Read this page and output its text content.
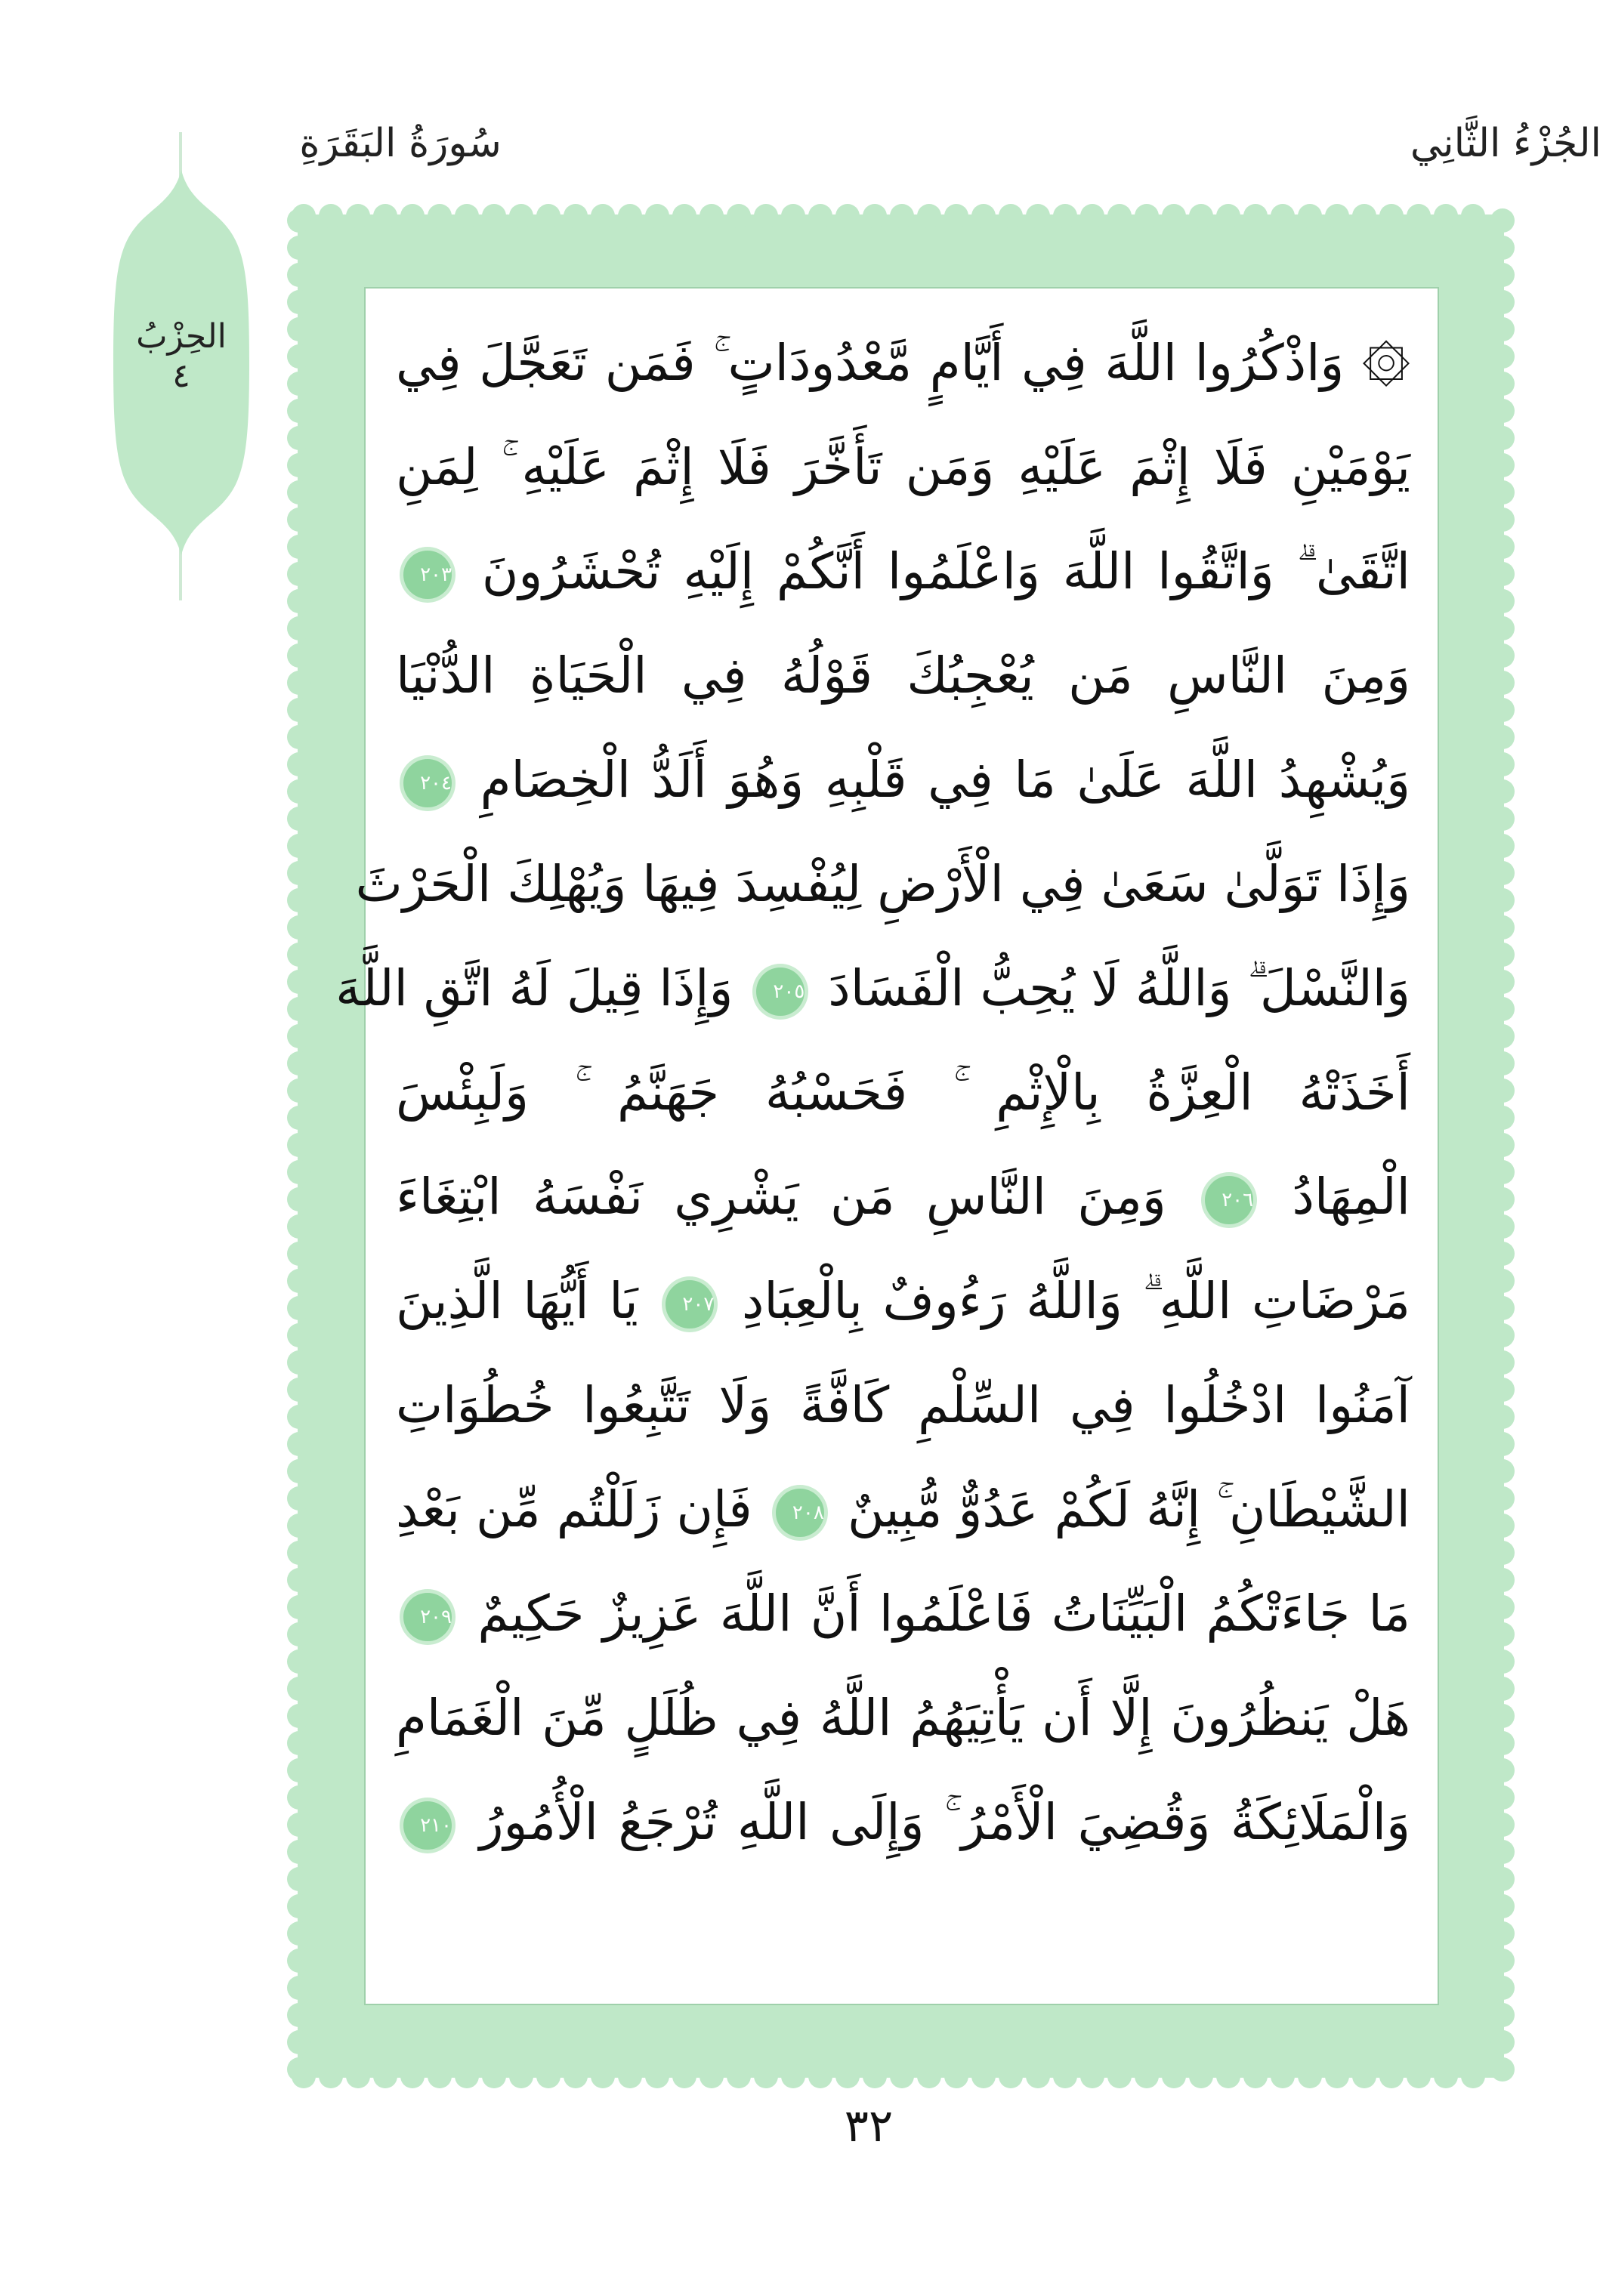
الجُزْءُ الثَّانِي
سُورَةُ البَقَرَةِ
الحِزْبُ
٤	۞ وَاذْكُرُوا اللَّهَ فِي أَيَّامٍ مَّعْدُودَاتٍ ۚ فَمَن تَعَجَّلَ فِي
يَوْمَيْنِ فَلَا إِثْمَ عَلَيْهِ وَمَن تَأَخَّرَ فَلَا إِثْمَ عَلَيْهِ ۚ لِمَنِ
اتَّقَىٰ ۗ وَاتَّقُوا اللَّهَ وَاعْلَمُوا أَنَّكُمْ إِلَيْهِ تُحْشَرُونَ ٢٠٣
وَمِنَ النَّاسِ مَن يُعْجِبُكَ قَوْلُهُ فِي الْحَيَاةِ الدُّنْيَا
وَيُشْهِدُ اللَّهَ عَلَىٰ مَا فِي قَلْبِهِ وَهُوَ أَلَدُّ الْخِصَامِ ٢٠٤
وَإِذَا تَوَلَّىٰ سَعَىٰ فِي الْأَرْضِ لِيُفْسِدَ فِيهَا وَيُهْلِكَ الْحَرْثَ
وَالنَّسْلَ ۗ وَاللَّهُ لَا يُحِبُّ الْفَسَادَ ٢٠٥ وَإِذَا قِيلَ لَهُ اتَّقِ اللَّهَ
أَخَذَتْهُ الْعِزَّةُ بِالْإِثْمِ ۚ فَحَسْبُهُ جَهَنَّمُ ۚ وَلَبِئْسَ
الْمِهَادُ ٢٠٦ وَمِنَ النَّاسِ مَن يَشْرِي نَفْسَهُ ابْتِغَاءَ
مَرْضَاتِ اللَّهِ ۗ وَاللَّهُ رَءُوفٌ بِالْعِبَادِ ٢٠٧ يَا أَيُّهَا الَّذِينَ
آمَنُوا ادْخُلُوا فِي السِّلْمِ كَافَّةً وَلَا تَتَّبِعُوا خُطُوَاتِ
الشَّيْطَانِ ۚ إِنَّهُ لَكُمْ عَدُوٌّ مُّبِينٌ ٢٠٨ فَإِن زَلَلْتُم مِّن بَعْدِ
مَا جَاءَتْكُمُ الْبَيِّنَاتُ فَاعْلَمُوا أَنَّ اللَّهَ عَزِيزٌ حَكِيمٌ ٢٠٩
هَلْ يَنظُرُونَ إِلَّا أَن يَأْتِيَهُمُ اللَّهُ فِي ظُلَلٍ مِّنَ الْغَمَامِ
وَالْمَلَائِكَةُ وَقُضِيَ الْأَمْرُ ۚ وَإِلَى اللَّهِ تُرْجَعُ الْأُمُورُ ٢١٠
٣٢
